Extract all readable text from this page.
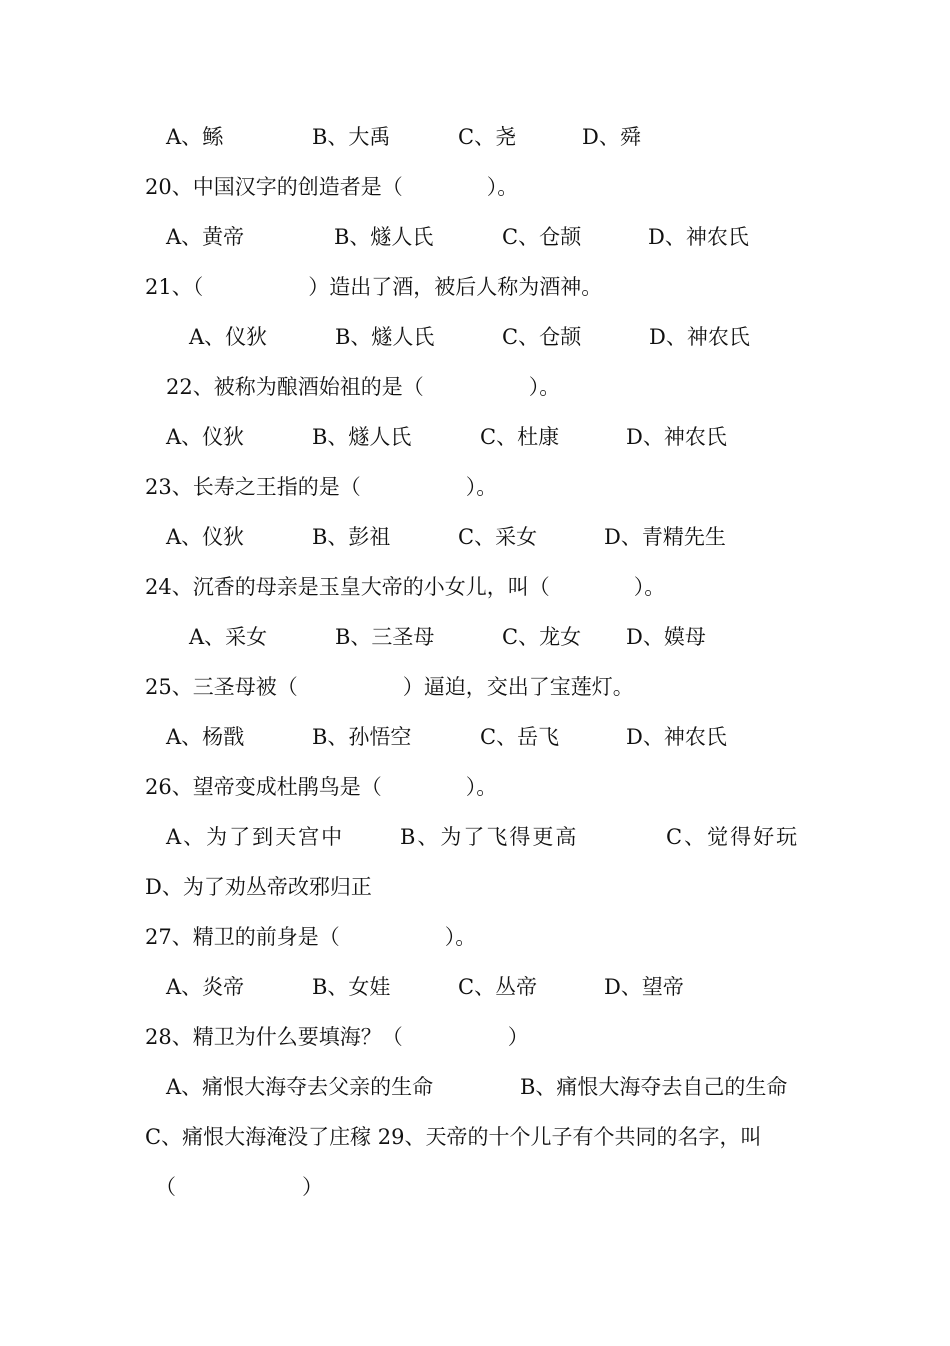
A、鲧

	B、大禹

	C、尧

	D、舜

20、中国汉字的创造者是（　　　　）。

A、黄帝

	B、燧人氏

	C、仓颉

	D、神农氏

21、（　　　　　）造出了酒，被后人称为酒神。

A、仪狄

	B、燧人氏

	C、仓颉

	D、神农氏

22、被称为酿酒始祖的是（　　　　　）。

A、仪狄

	B、燧人氏

	C、杜康

	D、神农氏

23、长寿之王指的是（　　　　　）。

A、仪狄

	B、彭祖

	C、采女

	D、青精先生

24、沉香的母亲是玉皇大帝的小女儿，叫（　　　　）。

A、采女

	B、三圣母

	C、龙女

D、嫫母

25、三圣母被（　　　　　）逼迫，交出了宝莲灯。

A、杨戬

	B、孙悟空

	C、岳飞

	D、神农氏

26、望帝变成杜鹃鸟是（　　　　）。

A、为了到天宫中

	B、为了飞得更高

	C、觉得好玩

D、为了劝丛帝改邪归正
27、精卫的前身是（　　　　　）。

A、炎帝

	B、女娃

	C、丛帝

	D、望帝

28、精卫为什么要填海？（　　　　　）

A、痛恨大海夺去父亲的生命

	B、痛恨大海夺去自己的生命

C、痛恨大海淹没了庄稼 29、天帝的十个儿子有个共同的名字，叫
（　　　　　　）
